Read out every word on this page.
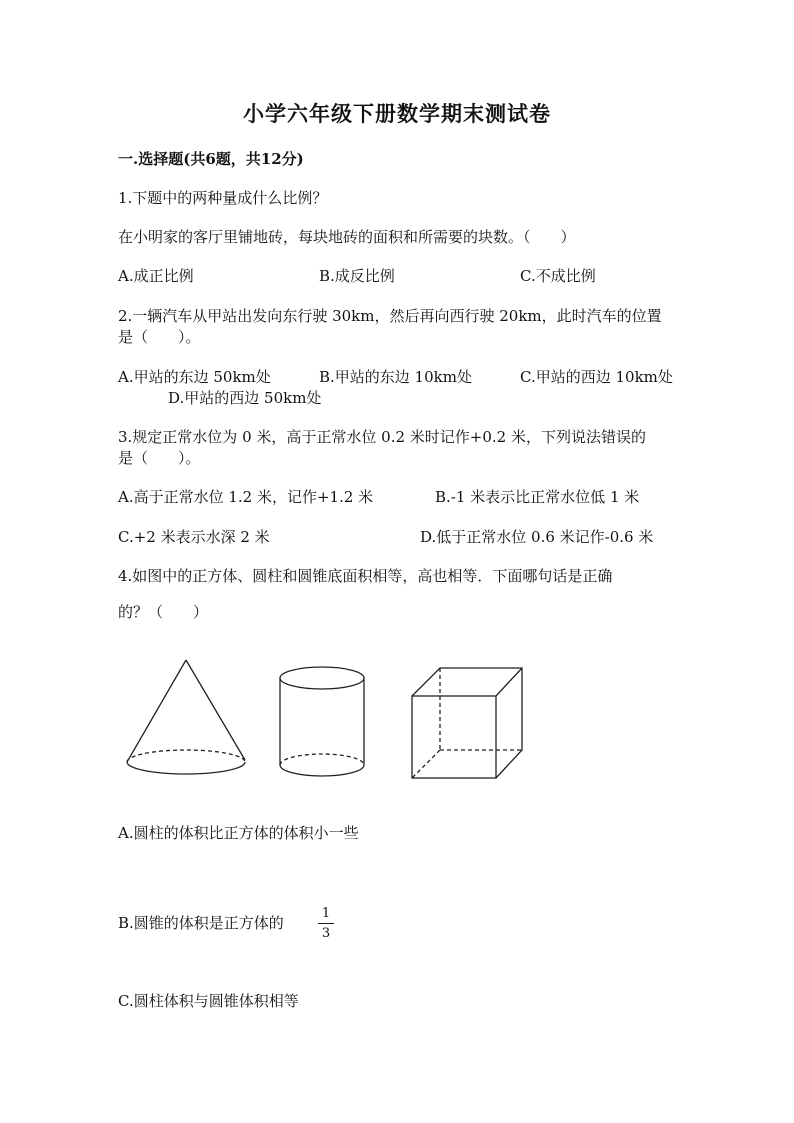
小学六年级下册数学期末测试卷
一.选择题(共6题，共12分)
1.下题中的两种量成什么比例？
在小明家的客厅里铺地砖，每块地砖的面积和所需要的块数。（　　）
A.成正比例	B.成反比例	C.不成比例
2.一辆汽车从甲站出发向东行驶 30km，然后再向西行驶 20km，此时汽车的位置
是（　　）。
A.甲站的东边 50km处	B.甲站的东边 10km处	C.甲站的西边 10km处
D.甲站的西边 50km处
3.规定正常水位为 0 米，高于正常水位 0.2 米时记作+0.2 米，下列说法错误的
是（　　）。
A.高于正常水位 1.2 米，记作+1.2 米	B.-1 米表示比正常水位低 1 米
C.+2 米表示水深 2 米	D.低于正常水位 0.6 米记作-0.6 米
4.如图中的正方体、圆柱和圆锥底面积相等，高也相等．下面哪句话是正确
的？（　　）
A.圆柱的体积比正方体的体积小一些
B.圆锥的体积是正方体的
1
3
C.圆柱体积与圆锥体积相等
